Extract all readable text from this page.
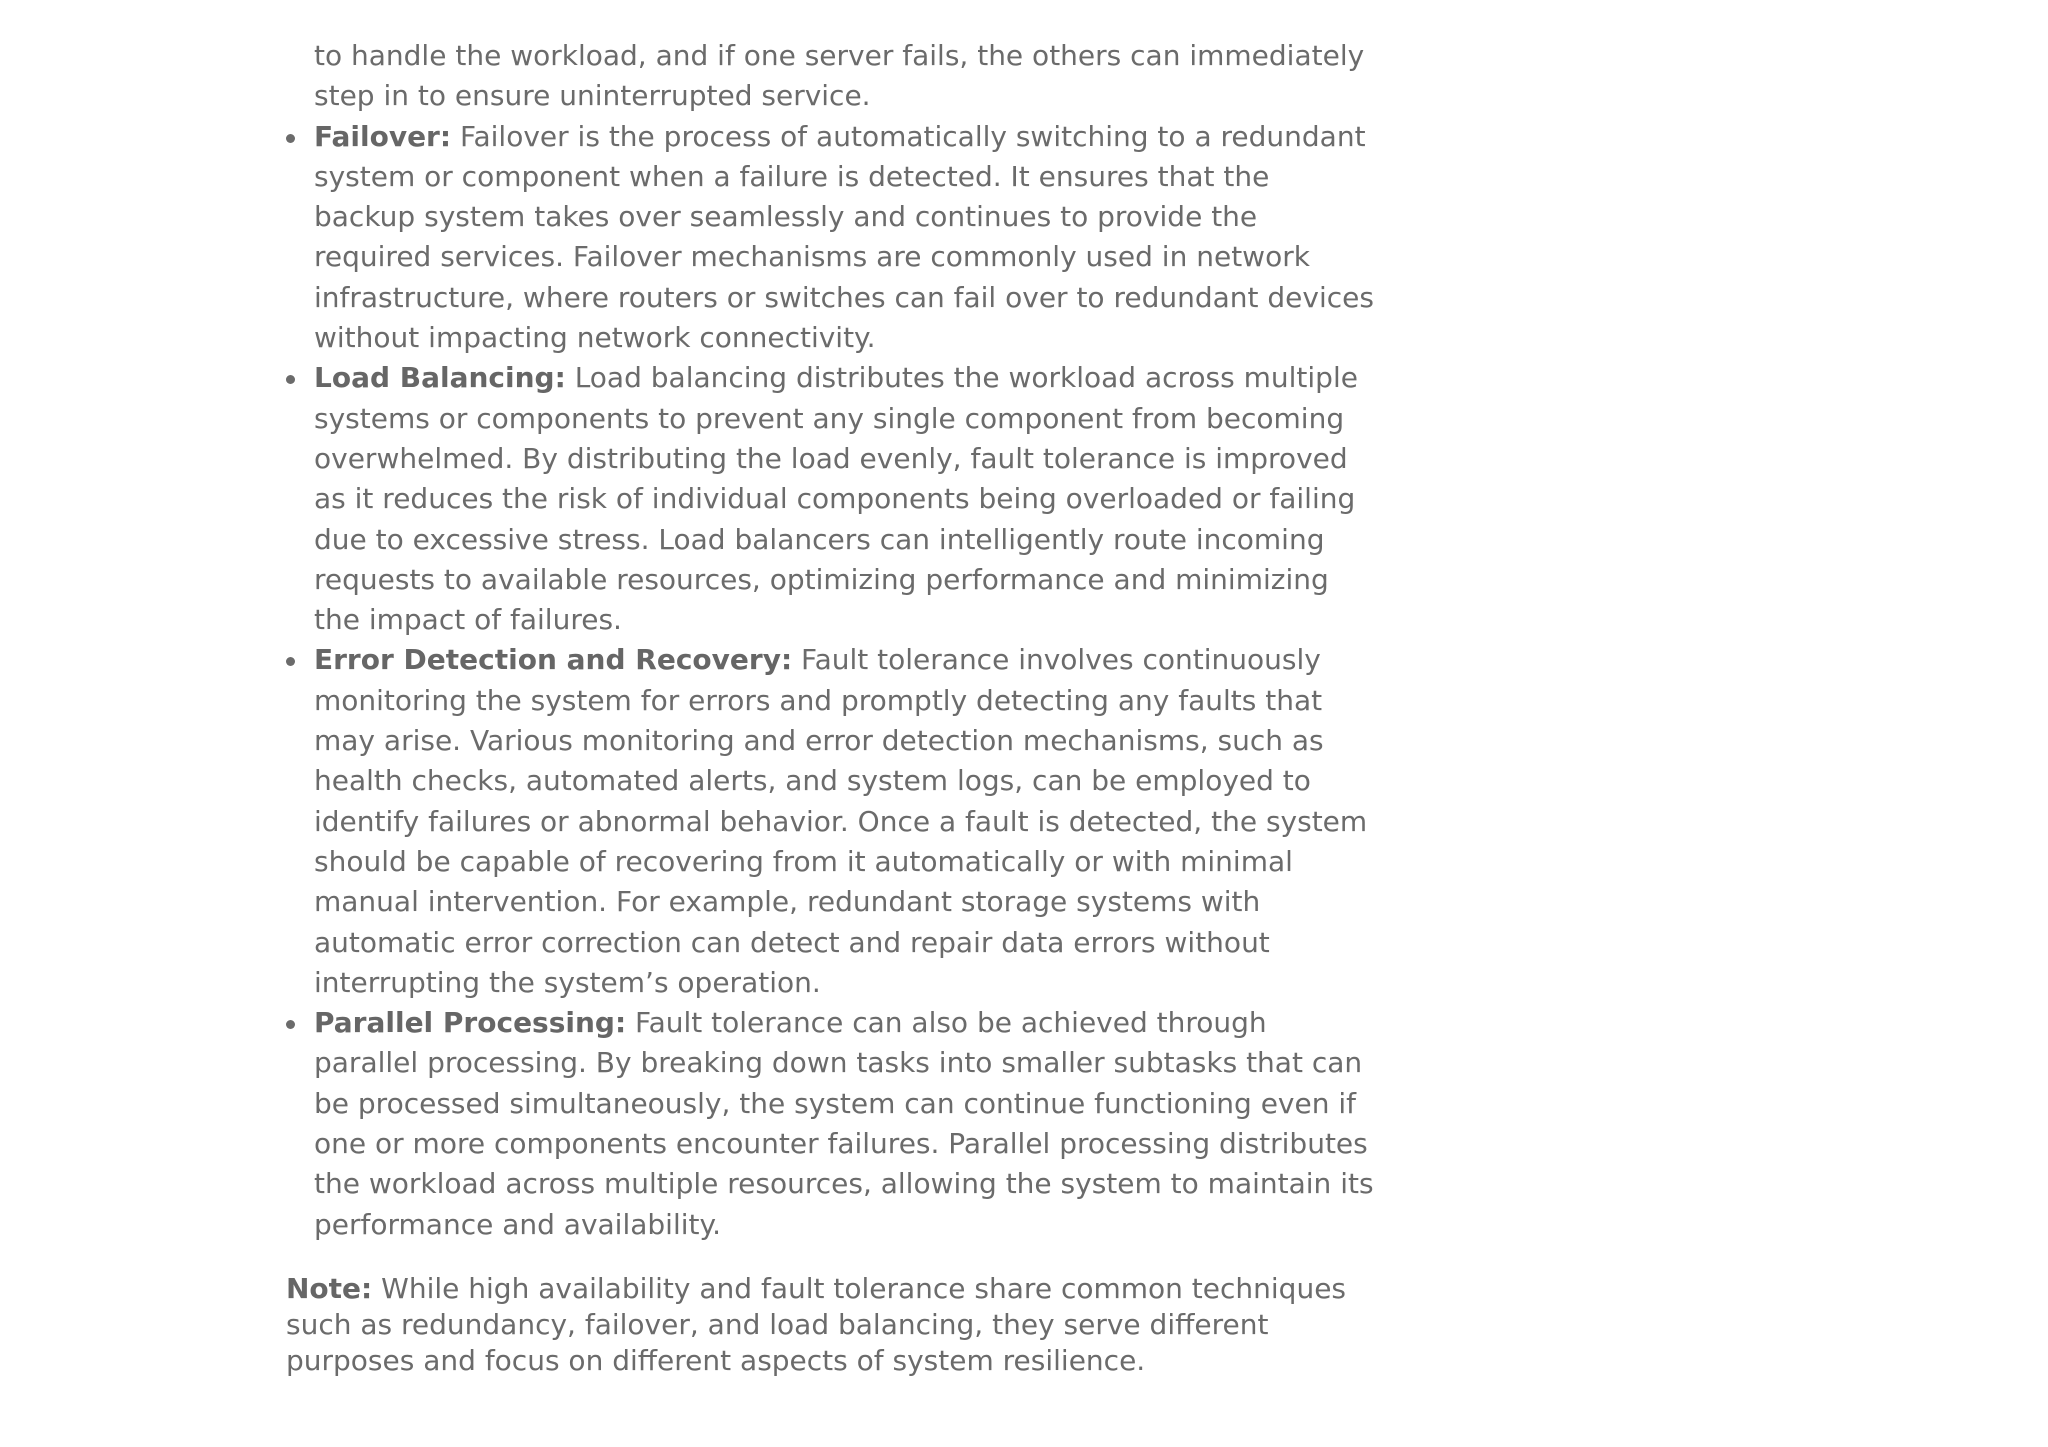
to handle the workload, and if one server fails, the others can immediately step in to ensure uninterrupted service.

Failover: Failover is the process of automatically switching to a redundant system or component when a failure is detected. It ensures that the backup system takes over seamlessly and continues to provide the required services. Failover mechanisms are commonly used in network infrastructure, where routers or switches can fail over to redundant devices without impacting network connectivity.
Load Balancing: Load balancing distributes the workload across multiple systems or components to prevent any single component from becoming overwhelmed. By distributing the load evenly, fault tolerance is improved as it reduces the risk of individual components being overloaded or failing due to excessive stress. Load balancers can intelligently route incoming requests to available resources, optimizing performance and minimizing the impact of failures.
Error Detection and Recovery: Fault tolerance involves continuously monitoring the system for errors and promptly detecting any faults that may arise. Various monitoring and error detection mechanisms, such as health checks, automated alerts, and system logs, can be employed to identify failures or abnormal behavior. Once a fault is detected, the system should be capable of recovering from it automatically or with minimal manual intervention. For example, redundant storage systems with automatic error correction can detect and repair data errors without interrupting the system’s operation.
Parallel Processing: Fault tolerance can also be achieved through parallel processing. By breaking down tasks into smaller subtasks that can be processed simultaneously, the system can continue functioning even if one or more components encounter failures. Parallel processing distributes the workload across multiple resources, allowing the system to maintain its performance and availability.

Note: While high availability and fault tolerance share common techniques such as redundancy, failover, and load balancing, they serve different purposes and focus on different aspects of system resilience.
